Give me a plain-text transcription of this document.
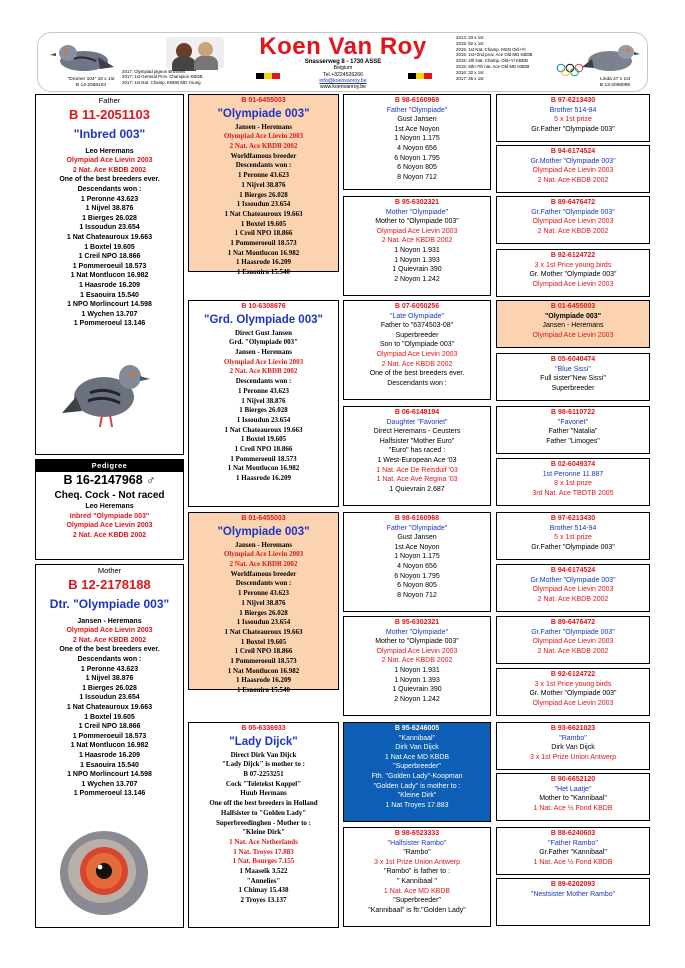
"Dromer 104" 18 x 1st
B 13-2068104
2017: Olympiad pigeon Brussels
2017: 1st General Prov. Champion KBDB
2017: 1st Nat. Champ. KBDB MD Young
Koen Van Roy
Snasserweg 8 - 1730 ASSE
Belgium
Tel.+3224526266
info@koenvanroy.be
www.koenvanroy.be
2014: 33 x 1st
2015: 82 x 1st
2015: 1st Nat. Champ. MSN Old+Yl
2015: 1st+2nd prov. Ace Old MD KBDB
2015: 4th Nat. Champ. Old+Yl KBDB
2015: 6th+7th nat. Ace Old MD KBDB
2016: 32 x 1st
2017: 36 x 1st	Linda 27 x 1st
B 13-2068089
Father
B 11-2051103
"Inbred 003"
Leo Heremans
Olympiad Ace Lievin 2003
2 Nat. Ace KBDB 2002
One of the best breeders ever.
Descendants won :
1 Peronne 43.623
1 Nijvel 38.876
1 Bierges 26.028
1 Issoudun 23.654
1 Nat Chateauroux 19.663
1 Boxtel 19.605
1 Creil NPO 18.866
1 Pommeroeuil 18.573
1 Nat Montlucon 16.982
1 Haasrode 16.209
1 Esaouira 15.540
1 NPO Morlincourt 14.598
1 Wychen 13.707
1 Pommeroeul 13.146
Pedigree
B 16-2147968 ♂
Cheq. Cock - Not raced
Leo Heremans
Inbred "Olympiade 003"
Olympiad Ace Lievin 2003
2 Nat. Ace KBDB 2002
Mother
B 12-2178188
Dtr. "Olympiade 003"
Jansen - Heremans
Olympiad Ace Lievin 2003
2 Nat. Ace KBDB 2002
One of the best breeders ever.
Descendants won :
1 Peronne 43.623
1 Nijvel 38.876
1 Bierges 26.028
1 Issoudun 23.654
1 Nat Chateauroux 19.663
1 Boxtel 19.605
1 Creil NPO 18.866
1 Pommeroeuil 18.573
1 Nat Montlucon 16.982
1 Haasrode 16.209
1 Esaouira 15.540
1 NPO Morlincourt 14.598
1 Wychen 13.707
1 Pommeroeul 13.146
B 01-6455003
"Olympiade 003"
Jansen - Heremans
Olympiad Ace Lievin 2003
2 Nat. Ace KBDB 2002
Worldfamous breeder
Descendants won :
1 Peronne 43.623
1 Nijvel 38.876
1 Bierges 26.028
1 Issoudun 23.654
1 Nat Chateauroux 19.663
1 Boxtel 19.605
1 Creil NPO 18.866
1 Pommeroeuil 18.573
1 Nat Montlucon 16.982
1 Haasrode 16.209
1 Esaouira 15.540
B 10-6308676
"Grd. Olympiade 003"
Direct Gust Jansen
Grd. "Olympiade 003"
Jansen - Heremans
Olympiad Ace Lievin 2003
2 Nat. Ace KBDB 2002
Descendants won :
1 Peronne 43.623
1 Nijvel 38.876
1 Bierges 26.028
1 Issoudun 23.654
1 Nat Chateauroux 19.663
1 Boxtel 19.605
1 Creil NPO 18.866
1 Pommeroeuil 18.573
1 Nat Montlucon 16.982
1 Haasrode 16.209
B 01-6455003
"Olympiade 003"
Jansen - Heremans
Olympiad Ace Lievin 2003
2 Nat. Ace KBDB 2002
Worldfamous breeder
Descendants won :
1 Peronne 43.623
1 Nijvel 38.876
1 Bierges 26.028
1 Issoudun 23.654
1 Nat Chateauroux 19.663
1 Boxtel 19.605
1 Creil NPO 18.866
1 Pommeroeuil 18.573
1 Nat Montlucon 16.982
1 Haasrode 16.209
1 Esaouira 15.540
B 05-6336933
"Lady Dijck"
Direct Dirk Van Dijck
"Lady Dijck" is mother to :
B 07-2253251
Cock "Teletekst Koppel"
Huub Hermans
One off the best breeders in Holland
Halfsister to "Golden Lady"
Superbreedinghen - Mother to :
"Kleine Dirk"
1 Nat. Ace Netherlands
1 Nat. Troyes 17.883
1 Nat. Bourges 7.155
1 Maaseik 3.522
"Annelies"
1 Chimay 15.438
2 Troyes 13.137
B 98-6160968
Father "Olympiade"
Gust Jansen
1st Ace Noyon
1 Noyon 1.175
4 Noyon 656
6 Noyon 1.795
6 Noyon 805
8 Noyon 712
B 95-6302321
Mother "Olympiade"
Mother to "Olympiade 003"
Olympiad Ace Lievin 2003
2 Nat. Ace KBDB 2002
1 Noyon 1.931
1 Noyon 1.393
1 Quievrain 390
2 Noyon 1.242
B 07-6050256
"Late Olympiade"
Father to "6374503-08"
Superbreeder
Son to "Olympiade 003"
Olympiad Ace Lievin 2003
2 Nat. Ace KBDB 2002
One of the best breeders ever.
Descendants won :
B 06-6148194
Daughter "Favoriet"
Direct Heremans - Ceusters
Halfsister "Mother Euro"
"Euro" has raced :
1 West-European Ace '03
1 Nat. Ace De Reisduif '03
1 Nat. Ace Avé Regina '03
1 Quievrain 2.687
B 98-6160968
Father "Olympiade"
Gust Jansen
1st Ace Noyon
1 Noyon 1.175
4 Noyon 656
6 Noyon 1.795
6 Noyon 805
8 Noyon 712
B 95-6302321
Mother "Olympiade"
Mother to "Olympiade 003"
Olympiad Ace Lievin 2003
2 Nat. Ace KBDB 2002
1 Noyon 1.931
1 Noyon 1.393
1 Quievrain 390
2 Noyon 1.242
B 95-6246005
"Kannibaal"
Dirk Van Dijck
1 Nat Ace MD KBDB
"Superbreeder"
Fth. "Golden Lady"-Koopman
"Golden Lady" is mother to :
"Kleine Dirk"
1 Nat Troyes 17.883
B 98-6523333
"Halfsister Rambo"
"Rambo"
3 x 1st Prize Union Antwerp
"Rambo" is father to :
" Kannibaal "
1 Nat. Ace MD KBDB
"Superbreeder"
"Kannibaal" is ftr."Golden Lady"
B 97-6213430
Brother 514-94
5 x 1st prize
Gr.Father "Olympiade 003"
B 94-6174524
Gr.Mother "Olympiade 003"
Olympiad Ace Lievin 2003
2 Nat. Ace KBDB 2002
B 89-6476472
Gr.Father "Olympiade 003"
Olympiad Ace Lievin 2003
2 Nat. Ace KBDB 2002
B 92-6124722
3 x 1st Price young birds
Gr. Mother "Olympiade 003"
Olympiad Ace Lievin 2003
B 01-6455003
"Olympiade 003"
Jansen - Heremans
Olympiad Ace Lievin 2003
B 05-6040474
"Blue Sissi"
Full sister"New Sissi"
Superbreeder
B 98-6110722
"Favoriet"
Father "Natalia"
Father "Limoges"
B 02-6049374
1st Peronne 11.887
8 x 1st prize
3rd Nat. Ace TBOTB 2005
B 97-6213430
Brother 514-94
5 x 1st prize
Gr.Father "Olympiade 003"
B 94-6174524
Gr.Mother "Olympiade 003"
Olympiad Ace Lievin 2003
2 Nat. Ace KBDB 2002
B 89-6476472
Gr.Father "Olympiade 003"
Olympiad Ace Lievin 2003
2 Nat. Ace KBDB 2002
B 92-6124722
3 x 1st Price young birds
Gr. Mother "Olympiade 003"
Olympiad Ace Lievin 2003
B 93-6621023
"Rambo"
Dirk Van Dijck
3 x 1st Prize Union Antwerp
B 90-6652120
"Het Laatje"
Mother to "Kannibaal"
1 Nat. Ace ½ Fond KBDB
B 88-6240603
"Father Rambo"
Gr.Father "Kannibaal"
1 Nat. Ace ½ Fond KBDB
B 89-6202093
"Nestsister Mother Rambo"
